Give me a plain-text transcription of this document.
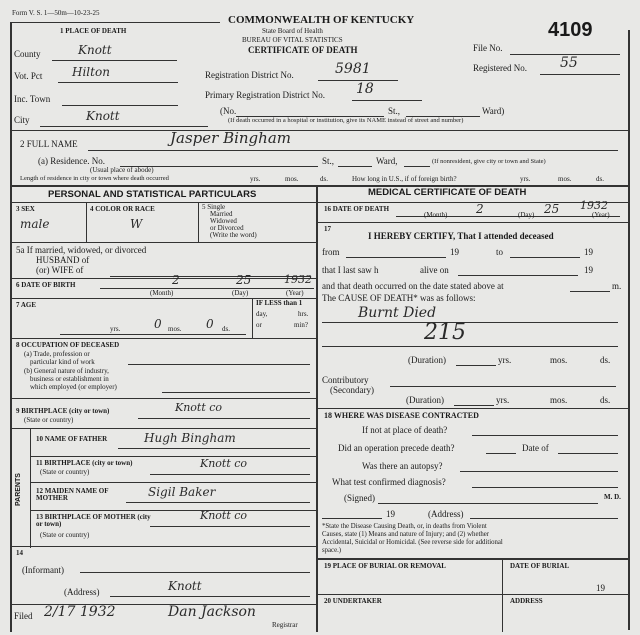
Form V. S. 1—50m—10-23-25
1 PLACE OF DEATH
COMMONWEALTH OF KENTUCKY
State Board of Health
BUREAU OF VITAL STATISTICS
CERTIFICATE OF DEATH
4109
County	Knott
Vot. Pct Hilton
Inc. Town
City	Knott
File No.
Registered No. 55
Registration District No.	5981
Primary Registration District No. 18
(No.	St.,	Ward)
(If death occurred in a hospital or institution, give its NAME instead of street and number)
2 FULL NAME	Jasper Bingham
(a) Residence. No.
(Usual place of abode)
St.,	Ward,	(If nonresident, give city or town and State)
Length of residence in city or town where death occurred	yrs.	mos.	ds.	How long in U.S., if of foreign birth?	yrs.	mos.	ds.
PERSONAL AND STATISTICAL PARTICULARS	MEDICAL CERTIFICATE OF DEATH
3 SEX
male
4 COLOR OR RACE
W
5 Single
Married
Widowed
or Divorced
(Write the word)
5a If married, widowed, or divorced
HUSBAND of
(or) WIFE of
6 DATE OF BIRTH	2	25	1932
(Month)	(Day)	(Year)
7 AGE
yrs.	0 mos. 0 ds.
IF LESS than 1
day,	hrs.
or	min?
8 OCCUPATION OF DECEASED
(a) Trade, profession or
particular kind of work
(b) General nature of industry,
business or establishment in
which employed (or employer)
9 BIRTHPLACE (city or town)
(State or country)
Knott co
PARENTS
10 NAME OF FATHER	Hugh Bingham
11 BIRTHPLACE (city or town)
(State or country)
Knott co
12 MAIDEN NAME OF MOTHER	Sigil Baker
13 BIRTHPLACE OF MOTHER (city or town)
(State or country)
Knott co
14
(Informant)
(Address)	Knott
Filed 2/17 1932	Dan Jackson
Registrar
16 DATE OF DEATH	2	25 1932
(Month)	(Day)	(Year)
17
I HEREBY CERTIFY, That I attended deceased
from	19	to	19
that I last saw h	alive on	19
and that death occurred on the date stated above at	m.
The CAUSE OF DEATH* was as follows:
Burnt Died
215
(Duration)	yrs.	mos.	ds.
Contributory
(Secondary)
(Duration)	yrs.	mos.	ds.
18 WHERE WAS DISEASE CONTRACTED
If not at place of death?
Did an operation precede death?	Date of
Was there an autopsy?
What test confirmed diagnosis?
(Signed)	M. D.
19	(Address)
*State the Disease Causing Death, or, in deaths from Violent
Causes, state (1) Means and nature of Injury; and (2) whether
Accidental, Suicidal or Homicidal. (See reverse side for additional
space.)
19 PLACE OF BURIAL OR REMOVAL	DATE OF BURIAL
19
20 UNDERTAKER	ADDRESS
